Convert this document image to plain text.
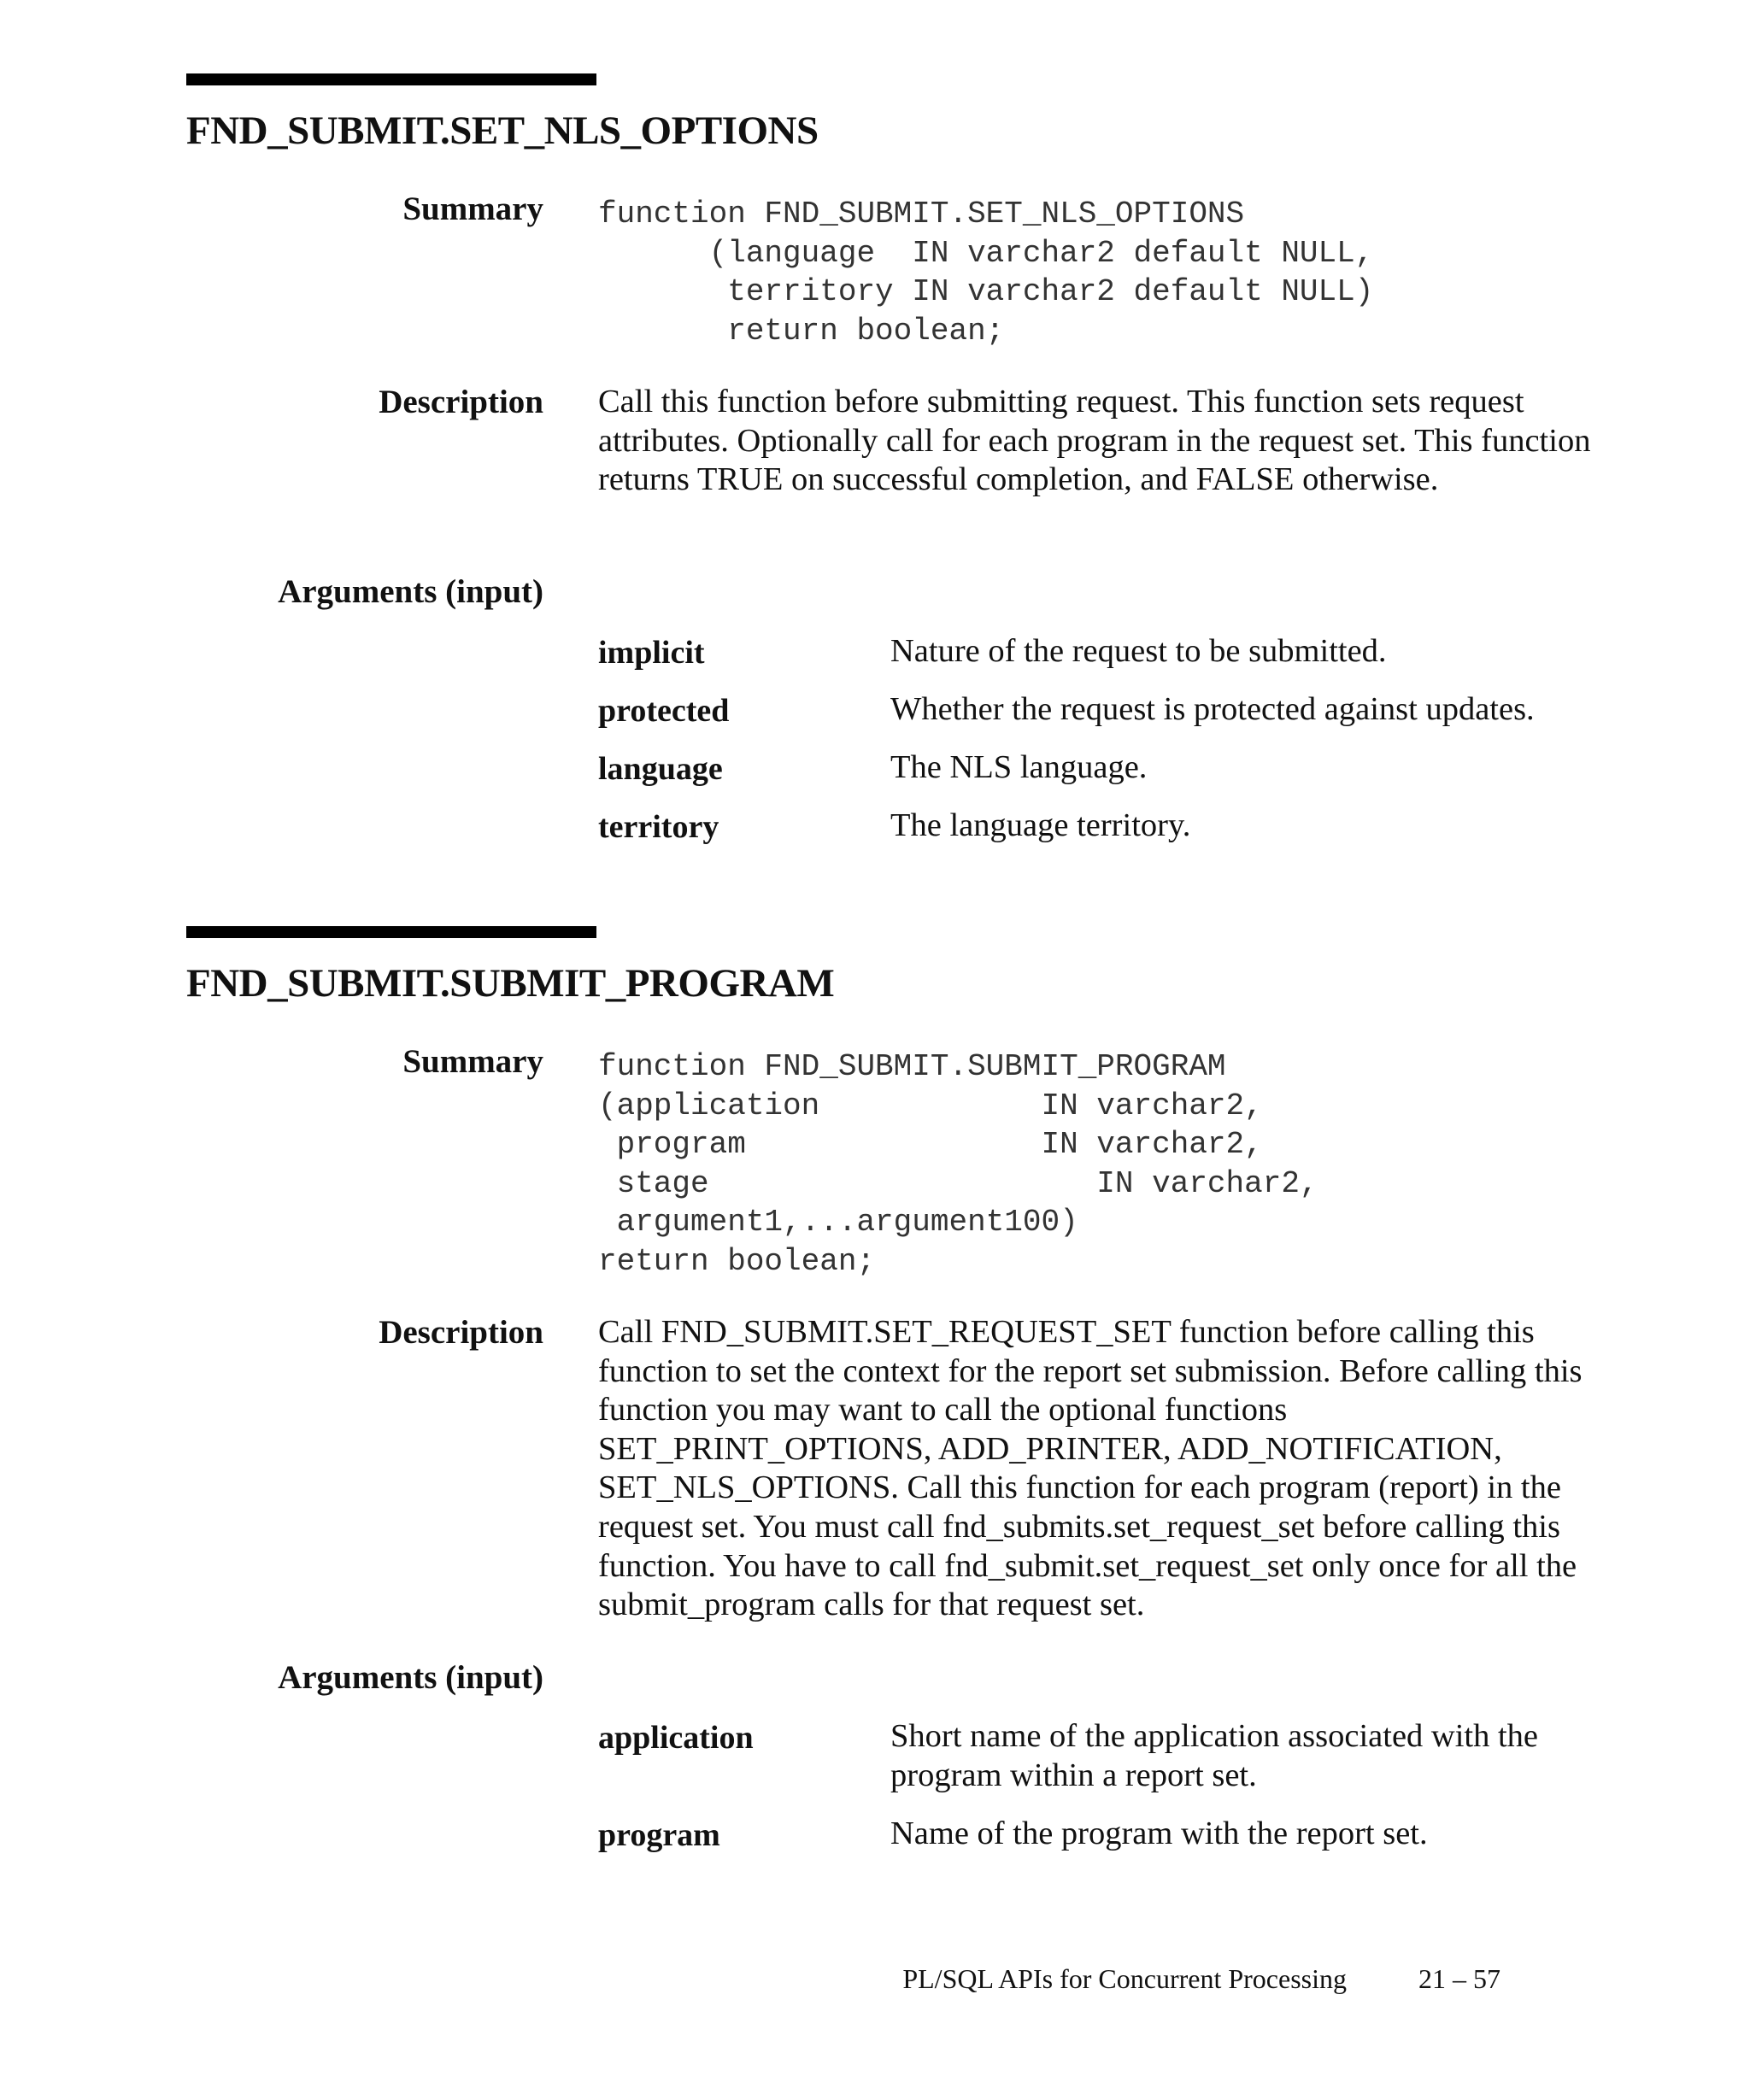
FND_SUBMIT.SET_NLS_OPTIONS
Summary function FND_SUBMIT.SET_NLS_OPTIONS
(language  IN varchar2 default NULL,
territory IN varchar2 default NULL)
return boolean;
Description Call this function before submitting request. This function sets request attributes. Optionally call for each program in the request set. This function returns TRUE on successful completion, and FALSE otherwise.

Arguments (input)
implicit	Nature of the request to be submitted.
protected	Whether the request is protected against updates.
language	The NLS language.
territory	The language territory.
FND_SUBMIT.SUBMIT_PROGRAM
Summary function FND_SUBMIT.SUBMIT_PROGRAM
(application            IN varchar2,
program                IN varchar2,
stage                     IN varchar2,
argument1,...argument100)
return boolean;
Description Call FND_SUBMIT.SET_REQUEST_SET function before calling this function to set the context for the report set submission. Before calling this function you may want to call the optional functions SET_PRINT_OPTIONS, ADD_PRINTER, ADD_NOTIFICATION, SET_NLS_OPTIONS. Call this function for each program (report) in the request set. You must call fnd_submits.set_request_set before calling this function. You have to call fnd_submit.set_request_set only once for all the submit_program calls for that request set.

Arguments (input)
application	Short name of the application associated with the program within a report set.
program	Name of the program with the report set.
21 – 57
PL/SQL APIs for Concurrent Processing
